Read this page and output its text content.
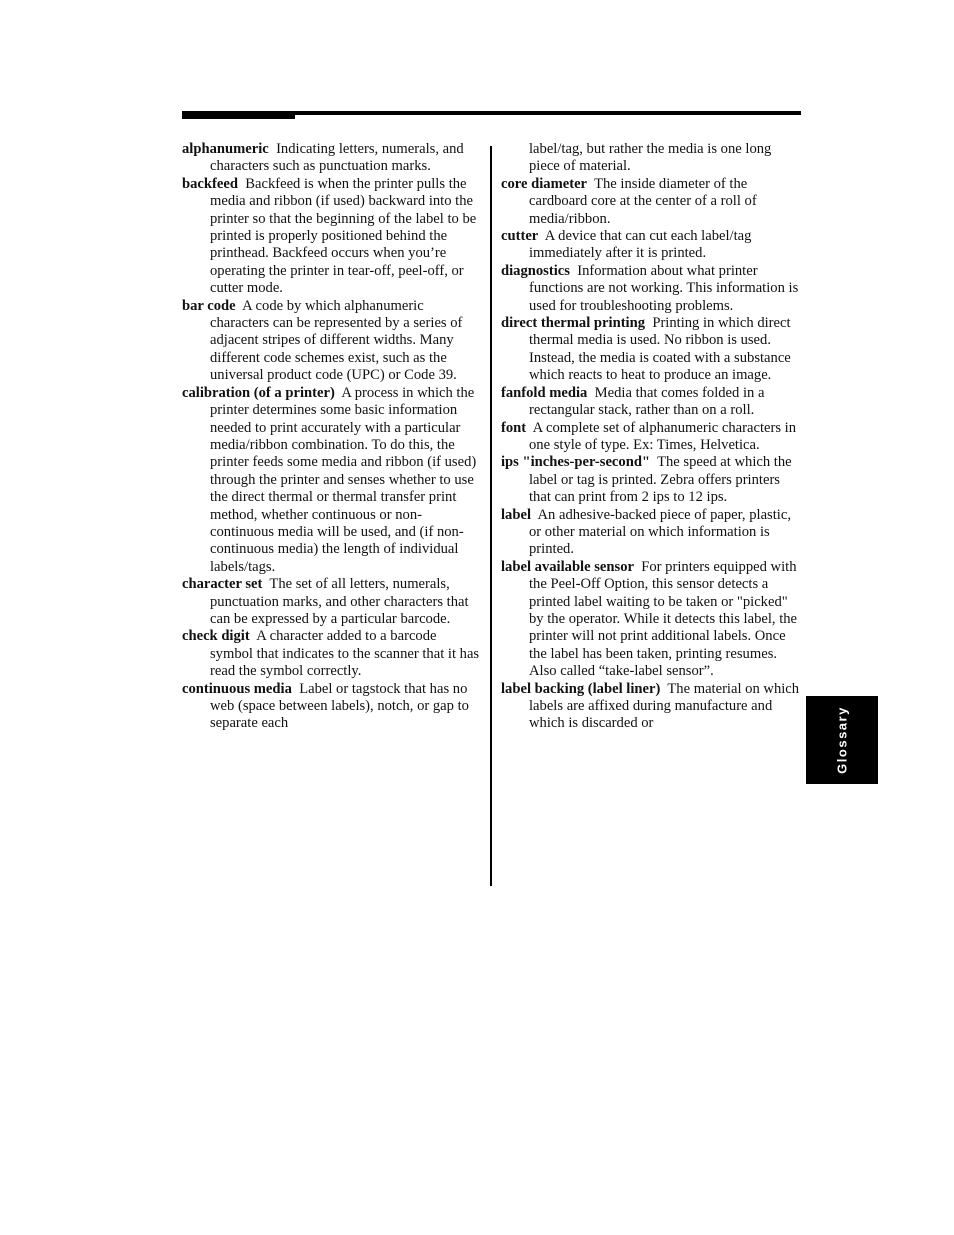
alphanumeric Indicating letters, numerals, and characters such as punctuation marks.

backfeed Backfeed is when the printer pulls the media and ribbon (if used) backward into the printer so that the beginning of the label to be printed is properly positioned behind the printhead. Backfeed occurs when you’re operating the printer in tear-off, peel-off, or cutter mode.

bar code A code by which alphanumeric characters can be represented by a series of adjacent stripes of different widths. Many different code schemes exist, such as the universal product code (UPC) or Code 39.

calibration (of a printer) A process in which the printer determines some basic information needed to print accurately with a particular media/ribbon combination. To do this, the printer feeds some media and ribbon (if used) through the printer and senses whether to use the direct thermal or thermal transfer print method, whether continuous or non-continuous media will be used, and (if non-continuous media) the length of individual labels/tags.

character set The set of all letters, numerals, punctuation marks, and other characters that can be expressed by a particular barcode.

check digit A character added to a barcode symbol that indicates to the scanner that it has read the symbol correctly.

continuous media Label or tagstock that has no web (space between labels), notch, or gap to separate each

label/tag, but rather the media is one long piece of material.

core diameter The inside diameter of the cardboard core at the center of a roll of media/ribbon.

cutter A device that can cut each label/tag immediately after it is printed.

diagnostics Information about what printer functions are not working. This information is used for troubleshooting problems.

direct thermal printing Printing in which direct thermal media is used. No ribbon is used. Instead, the media is coated with a substance which reacts to heat to produce an image.

fanfold media Media that comes folded in a rectangular stack, rather than on a roll.

font A complete set of alphanumeric characters in one style of type. Ex: Times, Helvetica.

ips "inches-per-second" The speed at which the label or tag is printed. Zebra offers printers that can print from 2 ips to 12 ips.

label An adhesive-backed piece of paper, plastic, or other material on which information is printed.

label available sensor For printers equipped with the Peel-Off Option, this sensor detects a printed label waiting to be taken or "picked" by the operator. While it detects this label, the printer will not print additional labels. Once the label has been taken, printing resumes. Also called “take-label sensor”.

label backing (label liner) The material on which labels are affixed during manufacture and which is discarded or	Glossary
